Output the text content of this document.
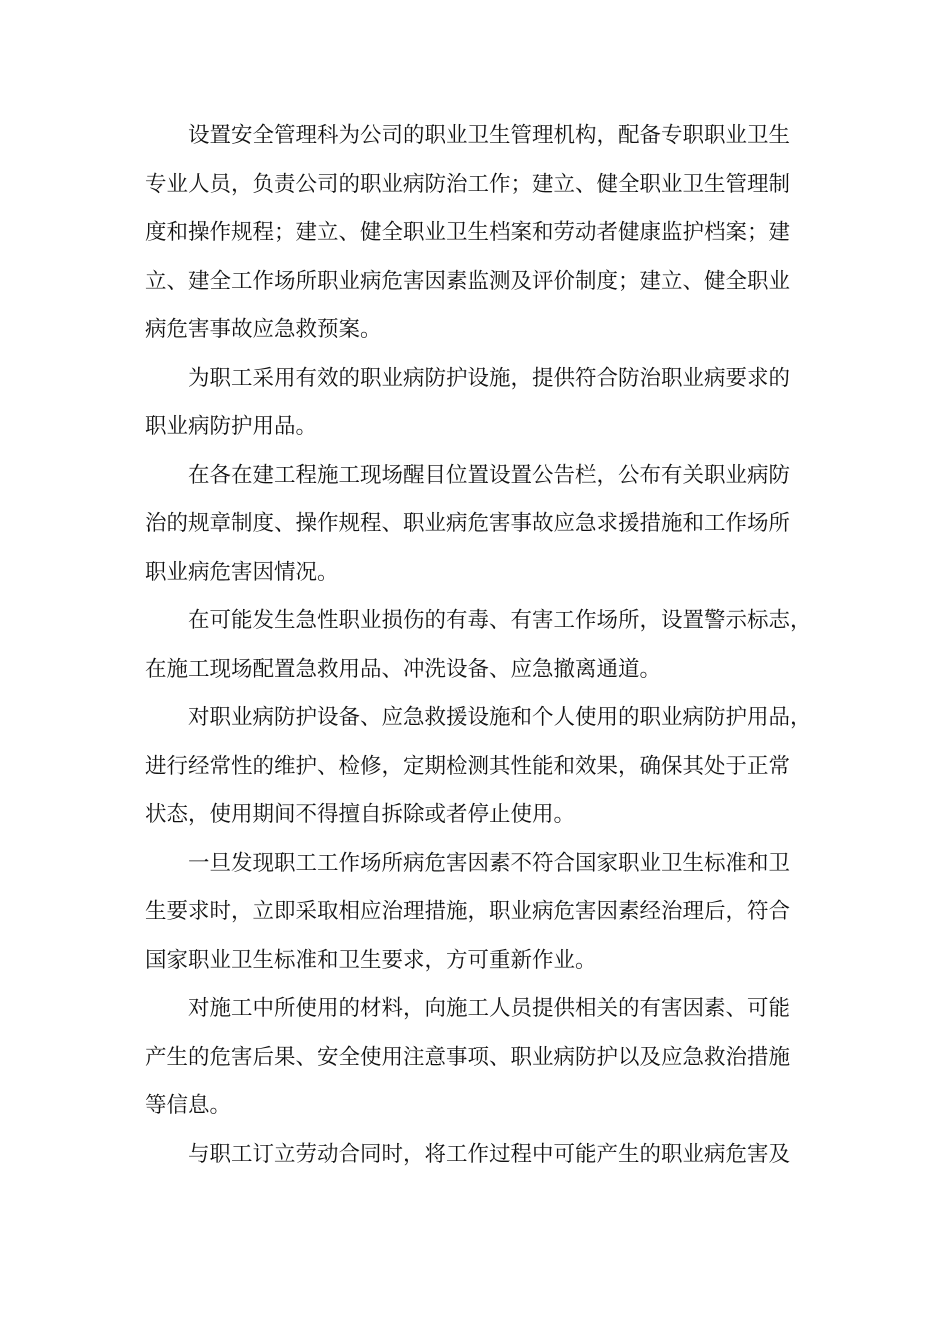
设置安全管理科为公司的职业卫生管理机构，配备专职职业卫生
专业人员，负责公司的职业病防治工作；建立、健全职业卫生管理制
度和操作规程；建立、健全职业卫生档案和劳动者健康监护档案；建
立、建全工作场所职业病危害因素监测及评价制度；建立、健全职业
病危害事故应急救预案。

为职工采用有效的职业病防护设施，提供符合防治职业病要求的
职业病防护用品。

在各在建工程施工现场醒目位置设置公告栏，公布有关职业病防
治的规章制度、操作规程、职业病危害事故应急求援措施和工作场所
职业病危害因情况。

在可能发生急性职业损伤的有毒、有害工作场所，设置警示标志，
在施工现场配置急救用品、冲洗设备、应急撤离通道。

对职业病防护设备、应急救援设施和个人使用的职业病防护用品，
进行经常性的维护、检修，定期检测其性能和效果，确保其处于正常
状态，使用期间不得擅自拆除或者停止使用。

一旦发现职工工作场所病危害因素不符合国家职业卫生标准和卫
生要求时，立即采取相应治理措施，职业病危害因素经治理后，符合
国家职业卫生标准和卫生要求，方可重新作业。

对施工中所使用的材料，向施工人员提供相关的有害因素、可能
产生的危害后果、安全使用注意事项、职业病防护以及应急救治措施
等信息。

与职工订立劳动合同时，将工作过程中可能产生的职业病危害及
